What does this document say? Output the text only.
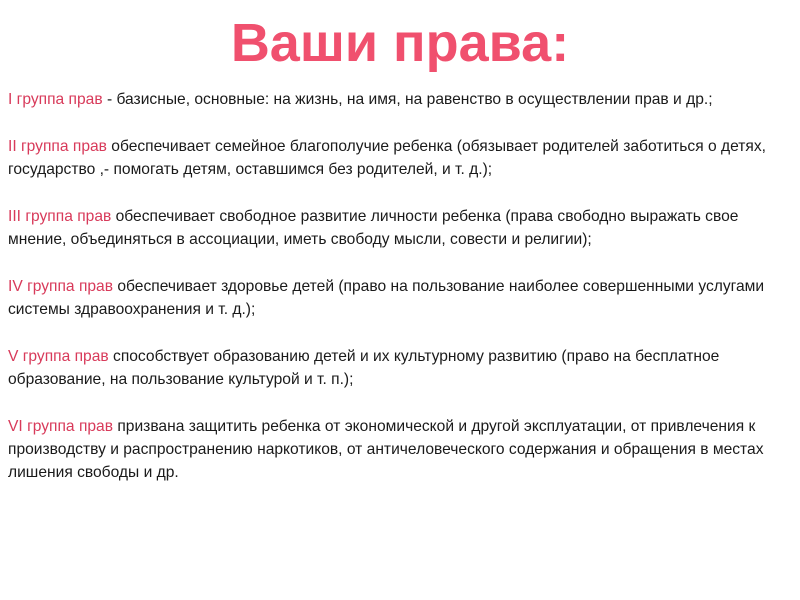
Ваши права:

I группа прав - базисные, основные: на жизнь, на имя, на равенство в осуществлении прав и др.;

II группа прав обеспечивает семейное благополучие ребенка (обязывает родителей заботиться о детях, государство ,- помогать детям, оставшимся без родителей, и т. д.);

III группа прав обеспечивает свободное развитие личности ребенка (права свободно выражать свое мнение, объединяться в ассоциации, иметь свободу мысли, совести и религии);

IV группа прав обеспечивает здоровье детей (право на пользование наиболее совершенными услугами системы здравоохранения и т. д.);

V группа прав способствует образованию детей и их культурному развитию (право на бесплатное образование, на пользование культурой и т. п.);

VI группа прав призвана защитить ребенка от экономической и другой эксплуатации, от привлечения к производству и распространению наркотиков, от античеловеческого содержания и обращения в местах лишения свободы и др.
